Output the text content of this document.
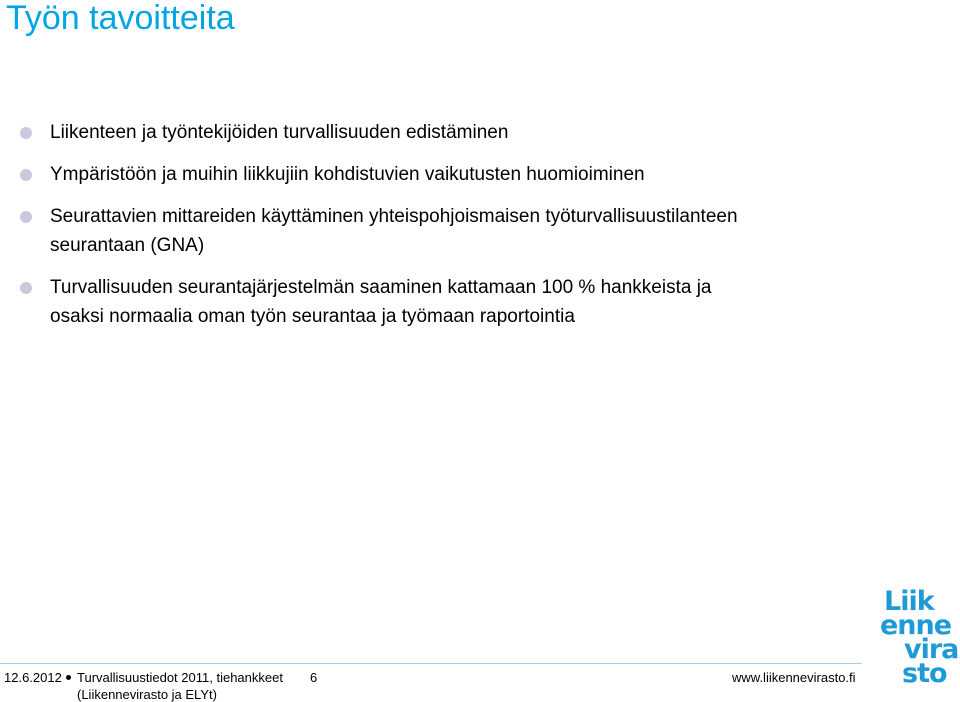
Työn tavoitteita
Liikenteen ja työntekijöiden turvallisuuden edistäminen
Ympäristöön ja muihin liikkujiin kohdistuvien vaikutusten huomioiminen
Seurattavien mittareiden käyttäminen yhteispohjoismaisen työturvallisuustilanteen seurantaan (GNA)
Turvallisuuden seurantajärjestelmän saaminen kattamaan 100 % hankkeista ja osaksi normaalia oman työn seurantaa ja työmaan raportointia
12.6.2012 Turvallisuustiedot 2011, tiehankkeet (Liikennevirasto ja ELYt)
6	www.liikennevirasto.fi
Liik
enne
vira
sto
